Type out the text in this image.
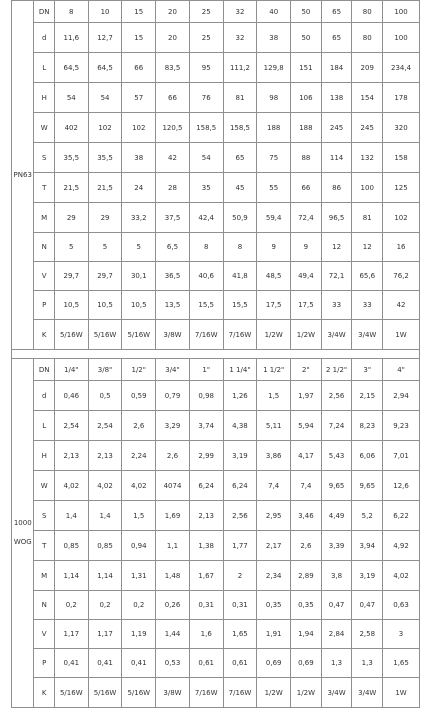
PN63	DN	8	10	15	20	25	32	40	50	65	80	100
	d	11,6	12,7	15	20	25	32	38	50	65	80	100
	L	64,5	64,5	66	83,5	95	111,2	129,8	151	184	209	234,4
	H	54	54	57	66	76	81	98	106	138	154	178
	W	402	102	102	120,5	158,5	158,5	188	188	245	245	320
	S	35,5	35,5	38	42	54	65	75	88	114	132	158
	T	21,5	21,5	24	28	35	45	55	66	86	100	125
	M	29	29	33,2	37,5	42,4	50,9	59,4	72,4	96,5	81	102
	N	5	5	5	6,5	8	8	9	9	12	12	16
	V	29,7	29,7	30,1	36,5	40,6	41,8	48,5	49,4	72,1	65,6	76,2
	P	10,5	10,5	10,5	13,5	15,5	15,5	17,5	17,5	33	33	42
	K	5/16W	5/16W	5/16W	3/8W	7/16W	7/16W	1/2W	1/2W	3/4W	3/4W	1W

1000
WOG	DN	1/4"	3/8"	1/2"	3/4"	1"	1 1/4"	1 1/2"	2"	2 1/2"	3"	4"
	d	0,46	0,5	0,59	0,79	0,98	1,26	1,5	1,97	2,56	2,15	2,94
	L	2,54	2,54	2,6	3,29	3,74	4,38	5,11	5,94	7,24	8,23	9,23
	H	2,13	2,13	2,24	2,6	2,99	3,19	3,86	4,17	5,43	6,06	7,01
	W	4,02	4,02	4,02	4074	6,24	6,24	7,4	7,4	9,65	9,65	12,6
	S	1,4	1,4	1,5	1,69	2,13	2,56	2,95	3,46	4,49	5,2	6,22
	T	0,85	0,85	0,94	1,1	1,38	1,77	2,17	2,6	3,39	3,94	4,92
	M	1,14	1,14	1,31	1,48	1,67	2	2,34	2,89	3,8	3,19	4,02
	N	0,2	0,2	0,2	0,26	0,31	0,31	0,35	0,35	0,47	0,47	0,63
	V	1,17	1,17	1,19	1,44	1,6	1,65	1,91	1,94	2,84	2,58	3
	P	0,41	0,41	0,41	0,53	0,61	0,61	0,69	0,69	1,3	1,3	1,65
	K	5/16W	5/16W	5/16W	3/8W	7/16W	7/16W	1/2W	1/2W	3/4W	3/4W	1W
